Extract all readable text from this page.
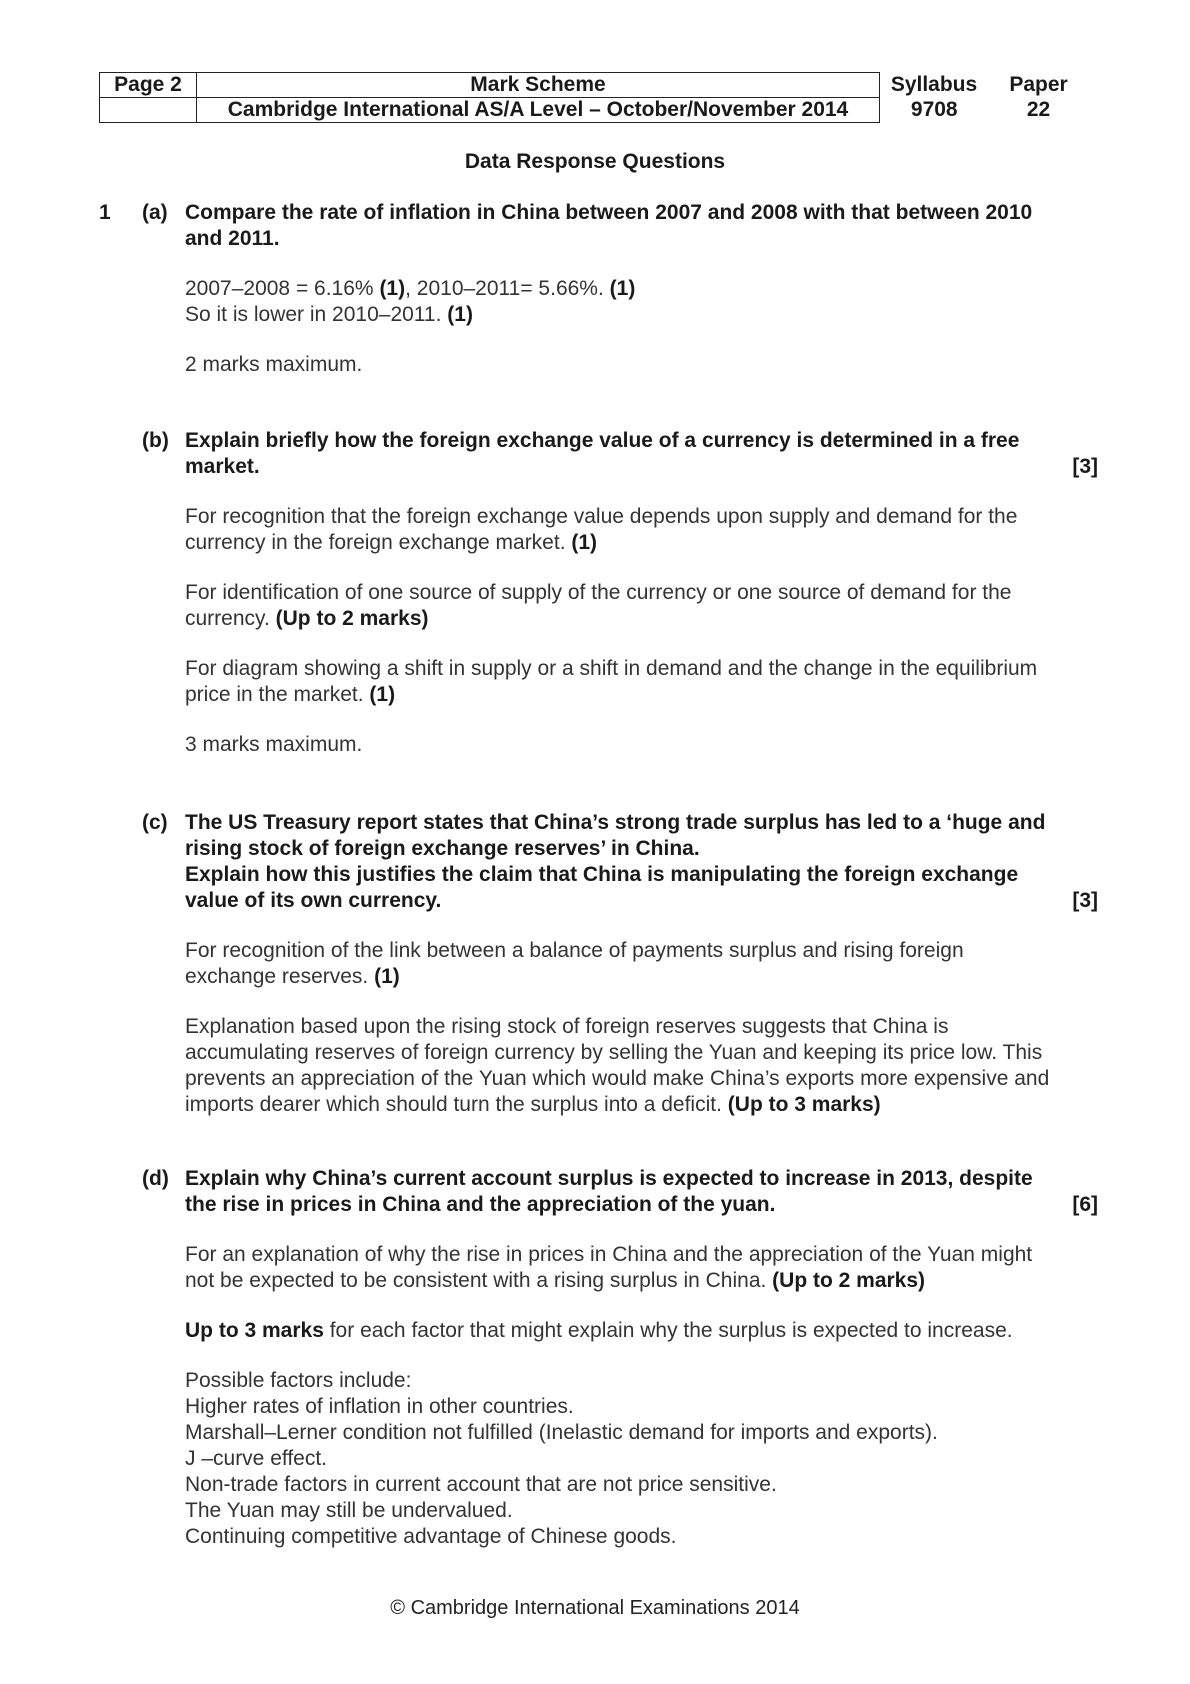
Page 2	Mark Scheme	Syllabus	Paper
	Cambridge International AS/A Level – October/November 2014	9708	22
Data Response Questions
1 (a) Compare the rate of inflation in China between 2007 and 2008 with that between 2010
and 2011.
2007–2008 = 6.16% (1), 2010–2011= 5.66%. (1)
So it is lower in 2010–2011. (1)
2 marks maximum.
(b) Explain briefly how the foreign exchange value of a currency is determined in a free
market.	[3]
For recognition that the foreign exchange value depends upon supply and demand for the
currency in the foreign exchange market. (1)
For identification of one source of supply of the currency or one source of demand for the
currency. (Up to 2 marks)
For diagram showing a shift in supply or a shift in demand and the change in the equilibrium
price in the market. (1)
3 marks maximum.
(c) The US Treasury report states that China’s strong trade surplus has led to a ‘huge and
rising stock of foreign exchange reserves’ in China.
Explain how this justifies the claim that China is manipulating the foreign exchange
value of its own currency.	[3]
For recognition of the link between a balance of payments surplus and rising foreign
exchange reserves. (1)
Explanation based upon the rising stock of foreign reserves suggests that China is
accumulating reserves of foreign currency by selling the Yuan and keeping its price low. This
prevents an appreciation of the Yuan which would make China’s exports more expensive and
imports dearer which should turn the surplus into a deficit. (Up to 3 marks)
(d) Explain why China’s current account surplus is expected to increase in 2013, despite
the rise in prices in China and the appreciation of the yuan.	[6]
For an explanation of why the rise in prices in China and the appreciation of the Yuan might
not be expected to be consistent with a rising surplus in China. (Up to 2 marks)
Up to 3 marks for each factor that might explain why the surplus is expected to increase.
Possible factors include:
Higher rates of inflation in other countries.
Marshall–Lerner condition not fulfilled (Inelastic demand for imports and exports).
J –curve effect.
Non-trade factors in current account that are not price sensitive.
The Yuan may still be undervalued.
Continuing competitive advantage of Chinese goods.
© Cambridge International Examinations 2014
